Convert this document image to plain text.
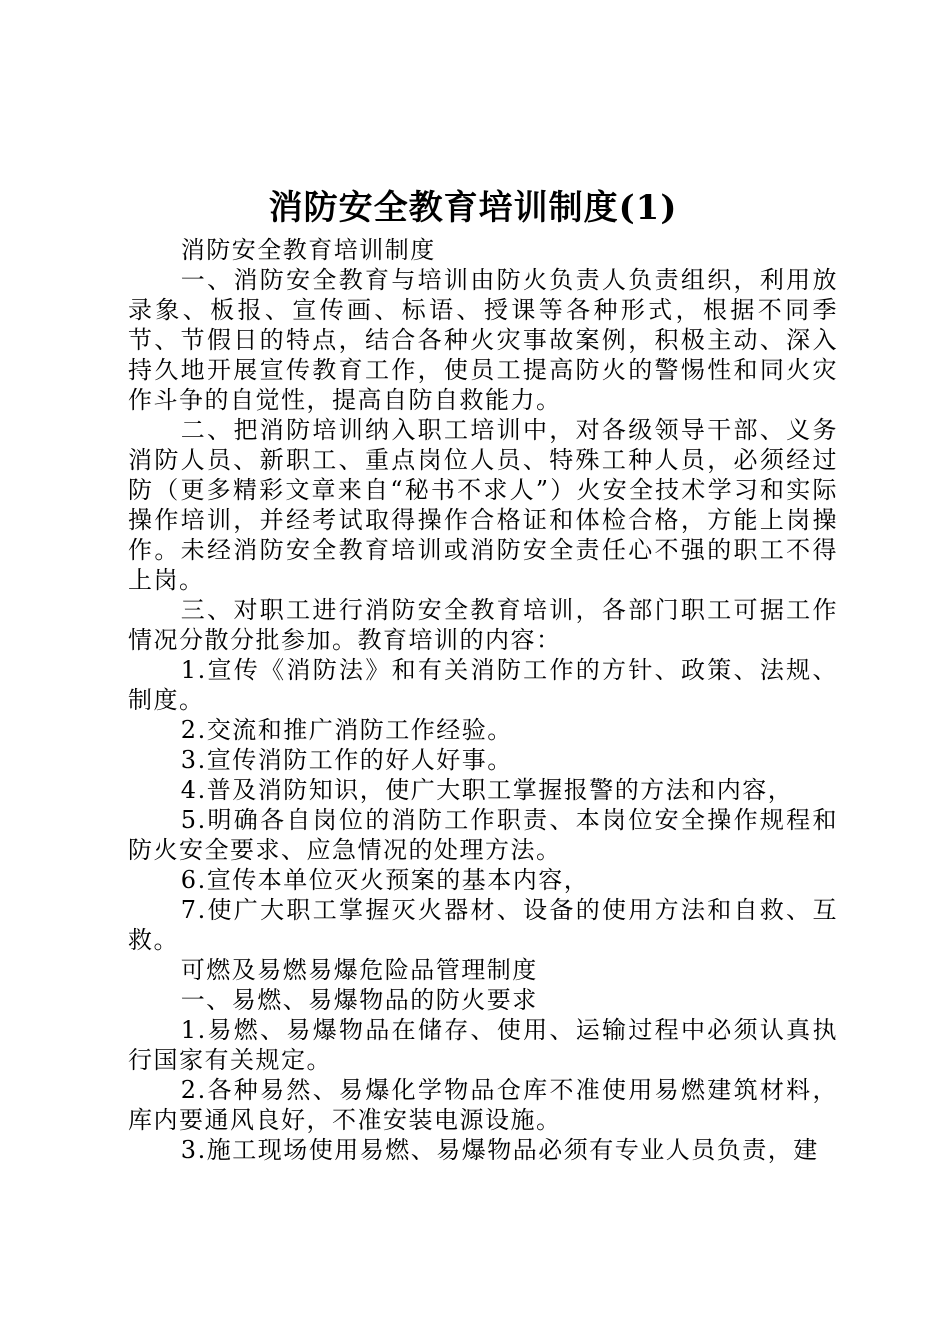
消防安全教育培训制度(1)

消防安全教育培训制度

一、消防安全教育与培训由防火负责人负责组织，利用放录象、板报、宣传画、标语、授课等各种形式，根据不同季节、节假日的特点，结合各种火灾事故案例，积极主动、深入持久地开展宣传教育工作，使员工提高防火的警惕性和同火灾作斗争的自觉性，提高自防自救能力。

二、把消防培训纳入职工培训中，对各级领导干部、义务消防人员、新职工、重点岗位人员、特殊工种人员，必须经过防（更多精彩文章来自“秘书不求人”）火安全技术学习和实际操作培训，并经考试取得操作合格证和体检合格，方能上岗操作。未经消防安全教育培训或消防安全责任心不强的职工不得上岗。

三、对职工进行消防安全教育培训，各部门职工可据工作情况分散分批参加。教育培训的内容：

1.宣传《消防法》和有关消防工作的方针、政策、法规、制度。

2.交流和推广消防工作经验。

3.宣传消防工作的好人好事。

4.普及消防知识，使广大职工掌握报警的方法和内容，

5.明确各自岗位的消防工作职责、本岗位安全操作规程和防火安全要求、应急情况的处理方法。

6.宣传本单位灭火预案的基本内容，

7.使广大职工掌握灭火器材、设备的使用方法和自救、互救。

可燃及易燃易爆危险品管理制度

一、易燃、易爆物品的防火要求

1.易燃、易爆物品在储存、使用、运输过程中必须认真执行国家有关规定。

2.各种易然、易爆化学物品仓库不准使用易燃建筑材料，库内要通风良好，不准安装电源设施。

3.施工现场使用易燃、易爆物品必须有专业人员负责，建
